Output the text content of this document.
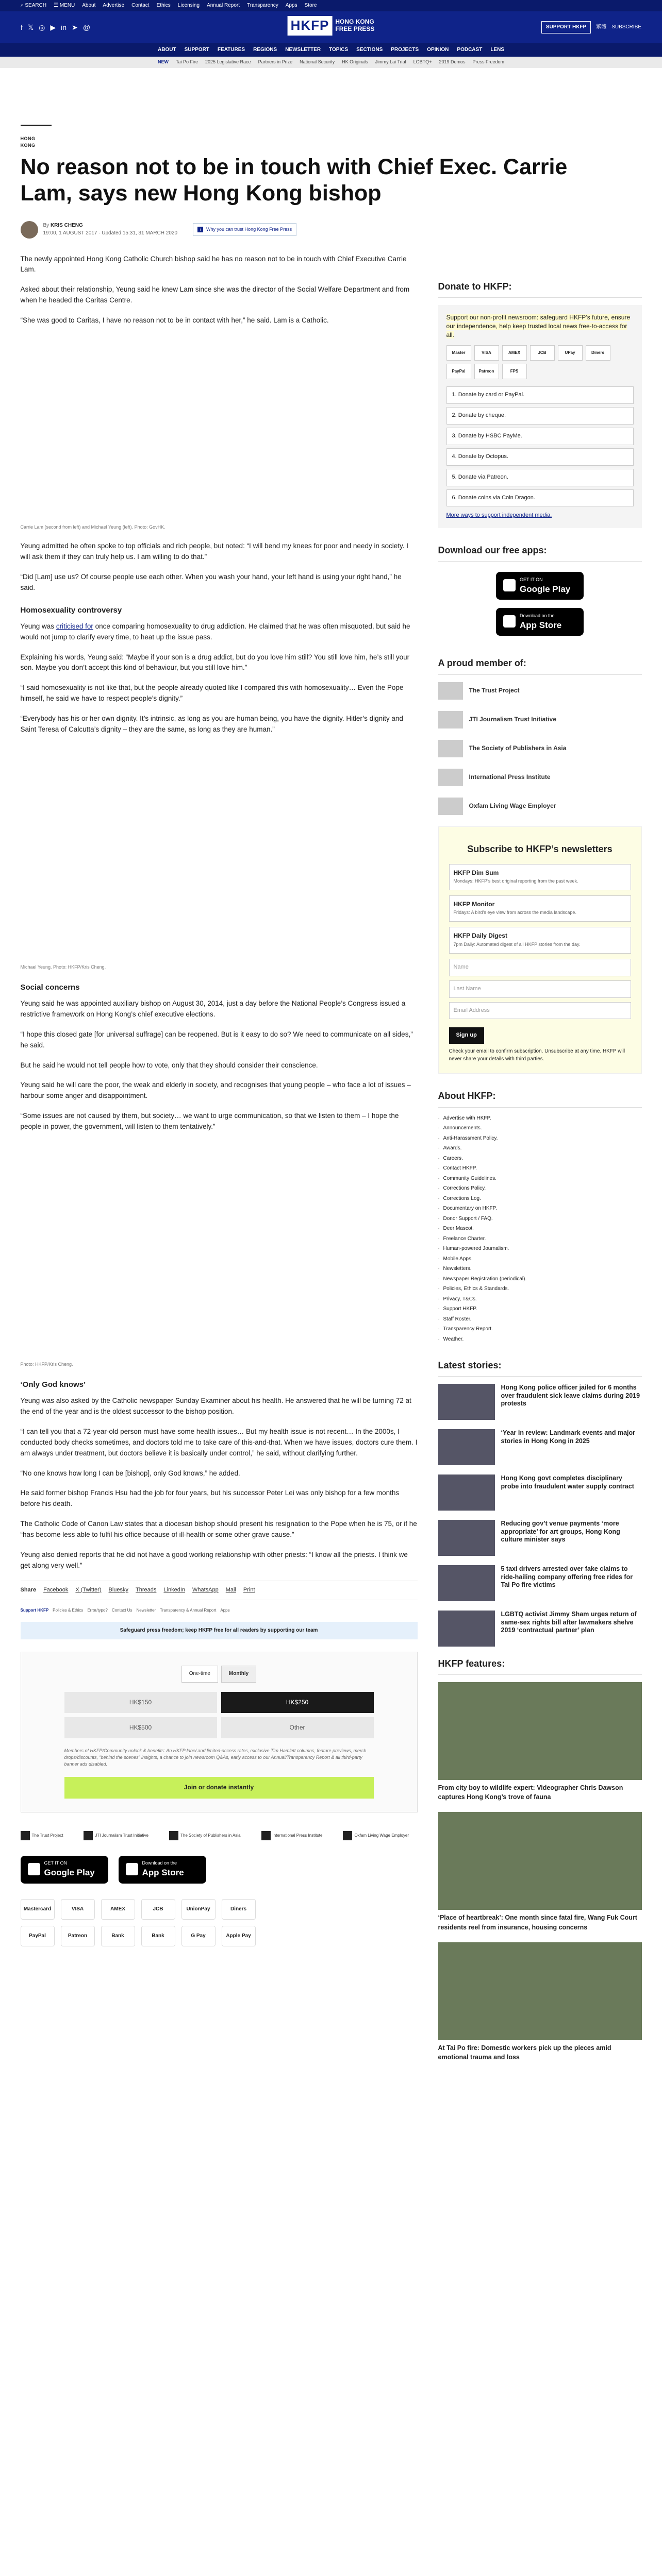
⌕ SEARCH ☰ MENU About Advertise Contact Ethics Licensing Annual Report Transparency Apps Store
f 𝕏 ◎ ▶ in ➤ @	HKFP	HONG KONG
FREE PRESS	SUPPORT HKFP	繁體 SUBSCRIBE
ABOUT SUPPORT FEATURES REGIONS NEWSLETTER TOPICS SECTIONS PROJECTS OPINION PODCAST LENS
NEW Tai Po Fire 2025 Legislative Race Partners in Prize National Security HK Originals Jimmy Lai Trial LGBTQ+ 2019 Demos Press Freedom
HONG KONG
No reason not to be in touch with Chief Exec. Carrie Lam, says new Hong Kong bishop
By KRIS CHENG
19:00, 1 AUGUST 2017 · Updated 15:31, 31 MARCH 2020
i	Why you can trust Hong Kong Free Press

The newly appointed Hong Kong Catholic Church bishop said he has no reason not to be in touch with Chief Executive Carrie Lam.

Asked about their relationship, Yeung said he knew Lam since she was the director of the Social Welfare Department and from when he headed the Caritas Centre.

“She was good to Caritas, I have no reason not to be in contact with her,” he said. Lam is a Catholic.

Carrie Lam (second from left) and Michael Yeung (left). Photo: GovHK.

Yeung admitted he often spoke to top officials and rich people, but noted: “I will bend my knees for poor and needy in society. I will ask them if they can truly help us. I am willing to do that.”

“Did [Lam] use us? Of course people use each other. When you wash your hand, your left hand is using your right hand,” he said.

Homosexuality controversy

Yeung was criticised for once comparing homosexuality to drug addiction. He claimed that he was often misquoted, but said he would not jump to clarify every time, to heat up the issue pass.

Explaining his words, Yeung said: “Maybe if your son is a drug addict, but do you love him still? You still love him, he’s still your son. Maybe you don’t accept this kind of behaviour, but you still love him.”

“I said homosexuality is not like that, but the people already quoted like I compared this with homosexuality… Even the Pope himself, he said we have to respect people’s dignity.”

“Everybody has his or her own dignity. It’s intrinsic, as long as you are human being, you have the dignity. Hitler’s dignity and Saint Teresa of Calcutta’s dignity – they are the same, as long as they are human.”

Michael Yeung. Photo: HKFP/Kris Cheng.
Social concerns

Yeung said he was appointed auxiliary bishop on August 30, 2014, just a day before the National People’s Congress issued a restrictive framework on Hong Kong’s chief executive elections.

“I hope this closed gate [for universal suffrage] can be reopened. But is it easy to do so? We need to communicate on all sides,” he said.

But he said he would not tell people how to vote, only that they should consider their conscience.

Yeung said he will care the poor, the weak and elderly in society, and recognises that young people – who face a lot of issues – harbour some anger and disappointment.

“Some issues are not caused by them, but society… we want to urge communication, so that we listen to them – I hope the people in power, the government, will listen to them tentatively.”

Photo: HKFP/Kris Cheng.
‘Only God knows’

Yeung was also asked by the Catholic newspaper Sunday Examiner about his health. He answered that he will be turning 72 at the end of the year and is the oldest successor to the bishop position.

“I can tell you that a 72-year-old person must have some health issues… But my health issue is not recent… In the 2000s, I conducted body checks sometimes, and doctors told me to take care of this-and-that. When we have issues, doctors cure them. I am always under treatment, but doctors believe it is basically under control,” he said, without clarifying further.

“No one knows how long I can be [bishop], only God knows,” he added.

He said former bishop Francis Hsu had the job for four years, but his successor Peter Lei was only bishop for a few months before his death.

The Catholic Code of Canon Law states that a diocesan bishop should present his resignation to the Pope when he is 75, or if he “has become less able to fulfil his office because of ill-health or some other grave cause.”

Yeung also denied reports that he did not have a good working relationship with other priests: “I know all the priests. I think we get along very well.”

Share Facebook X (Twitter) Bluesky Threads LinkedIn WhatsApp Mail Print
Support HKFP Policies & Ethics Error/typo? Contact Us Newsletter Transparency & Annual Report Apps
Safeguard press freedom; keep HKFP free for all readers by supporting our team
One-time	Monthly
HK$150	HK$250
HK$500	Other
Members of HKFP/Community unlock & benefits: An HKFP label and limited-access rates, exclusive Tim Hamlett columns, feature previews, merch drops/discounts, “behind the scenes” insights, a chance to join newsroom Q&As, early access to our Annual/Transparency Report & all third-party banner ads disabled.
Join or donate instantly
The Trust Project	JTI Journalism Trust Initiative	The Society of Publishers in Asia	International Press Institute	Oxfam Living Wage Employer
GET IT ON
Google Play
Download on the
App Store
Mastercard	VISA	AMEX	JCB	UnionPay	Diners
PayPal	Patreon	Bank	Bank	G Pay	Apple Pay
Donate to HKFP:

Support our non-profit newsroom: safeguard HKFP’s future, ensure our independence, help keep trusted local news free-to-access for all.

Master	VISA	AMEX	JCB	UPay	Diners
PayPal	Patreon	FPS
1. Donate by card or PayPal.
2. Donate by cheque.
3. Donate by HSBC PayMe.
4. Donate by Octopus.
5. Donate via Patreon.
6. Donate coins via Coin Dragon.
More ways to support independent media.
Download our free apps:
GET IT ON
Google Play
Download on the
App Store
A proud member of:
The Trust Project
JTI Journalism Trust Initiative
The Society of Publishers in Asia
International Press Institute
Oxfam Living Wage Employer
Subscribe to HKFP’s newsletters
HKFP Dim Sum
Mondays: HKFP’s best original reporting from the past week.
HKFP Monitor
Fridays: A bird’s eye view from across the media landscape.
HKFP Daily Digest
7pm Daily: Automated digest of all HKFP stories from the day.
Name
Last Name
Email Address
Sign up

Check your email to confirm subscription. Unsubscribe at any time. HKFP will never share your details with third parties.

About HKFP:
· Advertise with HKFP.
· Announcements.
· Anti-Harassment Policy.
· Awards.
· Careers.
· Contact HKFP.
· Community Guidelines.
· Corrections Policy.
· Corrections Log.
· Documentary on HKFP.
· Donor Support / FAQ.
· Deer Mascot.
· Freelance Charter.
· Human-powered Journalism.
· Mobile Apps.
· Newsletters.
· Newspaper Registration (periodical).
· Policies, Ethics & Standards.
· Privacy, T&Cs.
· Support HKFP.
· Staff Roster.
· Transparency Report.
· Weather.
Latest stories:
Hong Kong police officer jailed for 6 months over fraudulent sick leave claims during 2019 protests
‘Year in review: Landmark events and major stories in Hong Kong in 2025
Hong Kong govt completes disciplinary probe into fraudulent water supply contract
Reducing gov’t venue payments ‘more appropriate’ for art groups, Hong Kong culture minister says
5 taxi drivers arrested over fake claims to ride-hailing company offering free rides for Tai Po fire victims
LGBTQ activist Jimmy Sham urges return of same-sex rights bill after lawmakers shelve 2019 ‘contractual partner’ plan
HKFP features:
From city boy to wildlife expert: Videographer Chris Dawson captures Hong Kong’s trove of fauna
‘Place of heartbreak’: One month since fatal fire, Wang Fuk Court residents reel from insurance, housing concerns
At Tai Po fire: Domestic workers pick up the pieces amid emotional trauma and loss
